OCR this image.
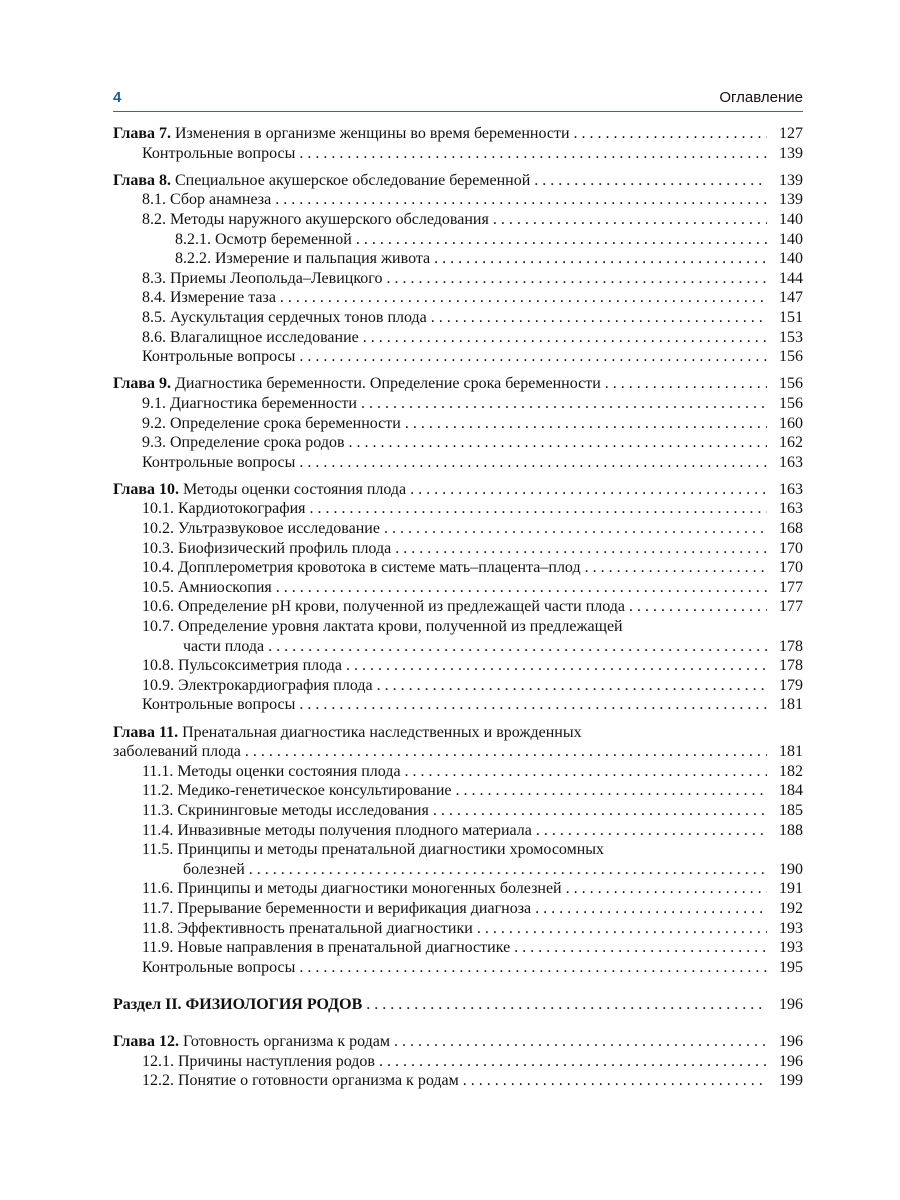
4	Оглавление
Глава 7. Изменения в организме женщины во время беременности . . .	127
Контрольные вопросы . . .	139
Глава 8. Специальное акушерское обследование беременной . . .	139
8.1. Сбор анамнеза . . .	139
8.2. Методы наружного акушерского обследования . . .	140
8.2.1. Осмотр беременной . . .	140
8.2.2. Измерение и пальпация живота . . .	140
8.3. Приемы Леопольда–Левицкого . . .	144
8.4. Измерение таза . . .	147
8.5. Аускультация сердечных тонов плода . . .	151
8.6. Влагалищное исследование . . .	153
Контрольные вопросы . . .	156
Глава 9. Диагностика беременности. Определение срока беременности . . .	156
9.1. Диагностика беременности . . .	156
9.2. Определение срока беременности . . .	160
9.3. Определение срока родов . . .	162
Контрольные вопросы . . .	163
Глава 10. Методы оценки состояния плода . . .	163
10.1. Кардиотокография . . .	163
10.2. Ультразвуковое исследование . . .	168
10.3. Биофизический профиль плода . . .	170
10.4. Допплерометрия кровотока в системе мать–плацента–плод . . .	170
10.5. Амниоскопия . . .	177
10.6. Определение рН крови, полученной из предлежащей части плода . . .	177
10.7. Определение уровня лактата крови, полученной из предлежащей
части плода . . .	178
10.8. Пульсоксиметрия плода . . .	178
10.9. Электрокардиография плода . . .	179
Контрольные вопросы . . .	181
Глава 11. Пренатальная диагностика наследственных и врожденных
заболеваний плода . . .	181
11.1. Методы оценки состояния плода . . .	182
11.2. Медико-генетическое консультирование . . .	184
11.3. Скрининговые методы исследования . . .	185
11.4. Инвазивные методы получения плодного материала . . .	188
11.5. Принципы и методы пренатальной диагностики хромосомных
болезней . . .	190
11.6. Принципы и методы диагностики моногенных болезней . . .	191
11.7. Прерывание беременности и верификация диагноза . . .	192
11.8. Эффективность пренатальной диагностики . . .	193
11.9. Новые направления в пренатальной диагностике . . .	193
Контрольные вопросы . . .	195
Раздел II. ФИЗИОЛОГИЯ РОДОВ . . .	196
Глава 12. Готовность организма к родам . . .	196
12.1. Причины наступления родов . . .	196
12.2. Понятие о готовности организма к родам . . .	199
